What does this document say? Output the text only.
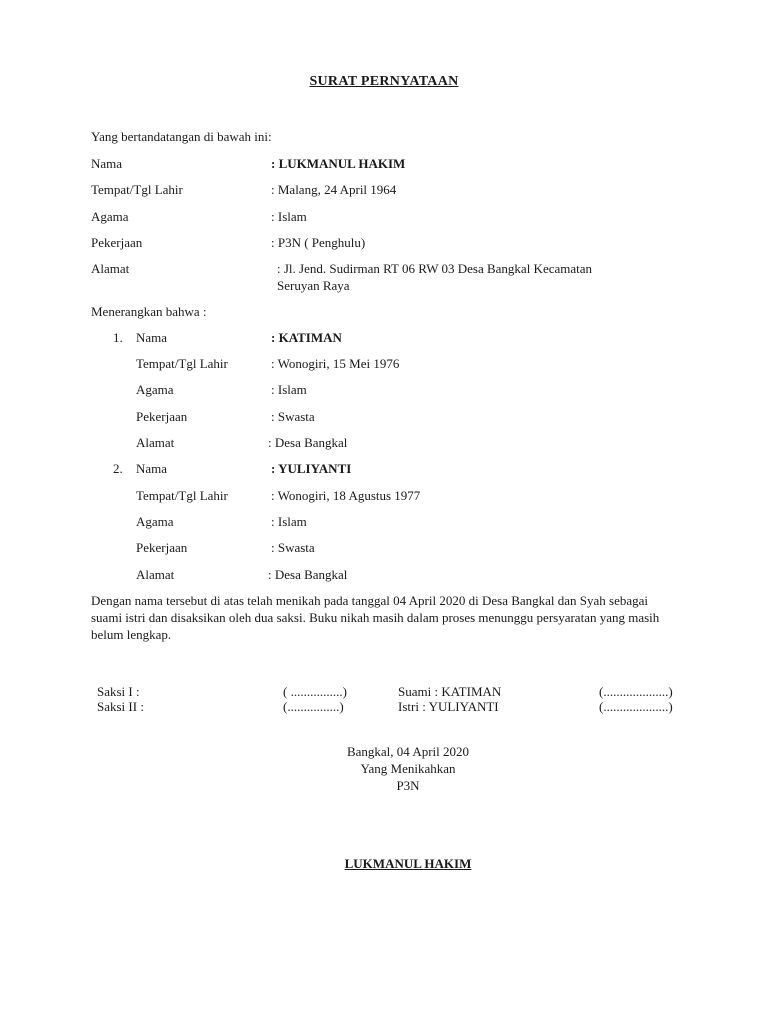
SURAT PERNYATAAN
Yang bertandatangan di bawah ini:
Nama	: LUKMANUL HAKIM
Tempat/Tgl Lahir	: Malang, 24 April 1964
Agama	: Islam
Pekerjaan	: P3N ( Penghulu)
Alamat	: Jl. Jend. Sudirman RT 06 RW 03 Desa Bangkal Kecamatan
Seruyan Raya
Menerangkan bahwa :
1. Nama	: KATIMAN
Tempat/Tgl Lahir	: Wonogiri, 15 Mei 1976
Agama	: Islam
Pekerjaan	: Swasta
Alamat	: Desa Bangkal
2. Nama	: YULIYANTI
Tempat/Tgl Lahir	: Wonogiri, 18 Agustus 1977
Agama	: Islam
Pekerjaan	: Swasta
Alamat	: Desa Bangkal
Dengan nama tersebut di atas telah menikah pada tanggal 04 April 2020 di Desa Bangkal dan Syah sebagai suami istri dan disaksikan oleh dua saksi. Buku nikah masih dalam proses menunggu persyaratan yang masih belum lengkap.
Saksi I :	( ................)	Suami : KATIMAN	(....................)
Saksi II :	(................)	Istri : YULIYANTI	(....................)
Bangkal, 04 April 2020
Yang Menikahkan
P3N
LUKMANUL HAKIM
